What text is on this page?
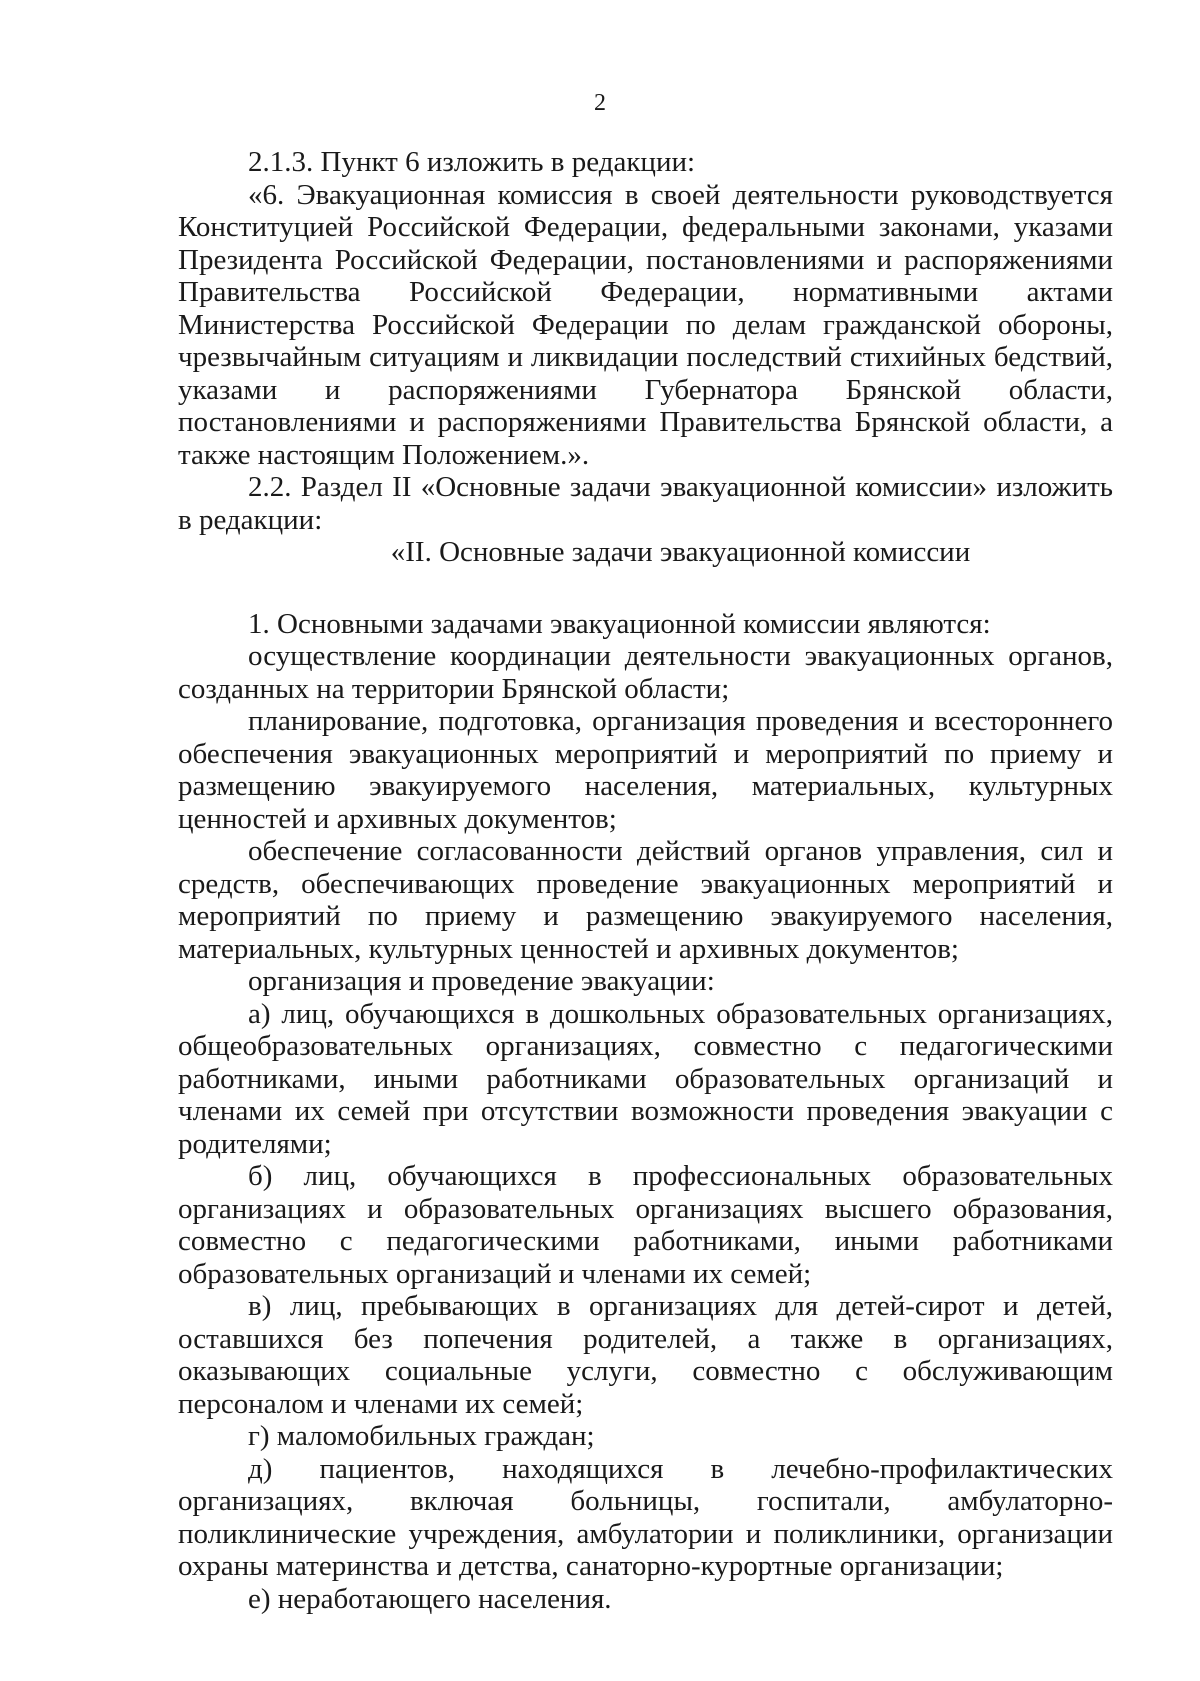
2

2.1.3. Пункт 6 изложить в редакции:

«6. Эвакуационная комиссия в своей деятельности руководствуется Конституцией Российской Федерации, федеральными законами, указами Президента Российской Федерации, постановлениями и распоряжениями Правительства Российской Федерации, нормативными актами Министерства Российской Федерации по делам гражданской обороны, чрезвычайным ситуациям и ликвидации последствий стихийных бедствий, указами и распоряжениями Губернатора Брянской области, постановлениями и распоряжениями Правительства Брянской области, а также настоящим Положением.».

2.2. Раздел II «Основные задачи эвакуационной комиссии» изложить в редакции:

«II. Основные задачи эвакуационной комиссии

1. Основными задачами эвакуационной комиссии являются:

осуществление координации деятельности эвакуационных органов, созданных на территории Брянской области;

планирование, подготовка, организация проведения и всестороннего обеспечения эвакуационных мероприятий и мероприятий по приему и размещению эвакуируемого населения, материальных, культурных ценностей и архивных документов;

обеспечение согласованности действий органов управления, сил и средств, обеспечивающих проведение эвакуационных мероприятий и мероприятий по приему и размещению эвакуируемого населения, материальных, культурных ценностей и архивных документов;

организация и проведение эвакуации:

а) лиц, обучающихся в дошкольных образовательных организациях, общеобразовательных организациях, совместно с педагогическими работниками, иными работниками образовательных организаций и членами их семей при отсутствии возможности проведения эвакуации с родителями;

б) лиц, обучающихся в профессиональных образовательных организациях и образовательных организациях высшего образования, совместно с педагогическими работниками, иными работниками образовательных организаций и членами их семей;

в) лиц, пребывающих в организациях для детей-сирот и детей, оставшихся без попечения родителей, а также в организациях, оказывающих социальные услуги, совместно с обслуживающим персоналом и членами их семей;

г) маломобильных граждан;

д) пациентов, находящихся в лечебно-профилактических организациях, включая больницы, госпитали, амбулаторно-поликлинические учреждения, амбулатории и поликлиники, организации охраны материнства и детства, санаторно-курортные организации;

е) неработающего населения.
